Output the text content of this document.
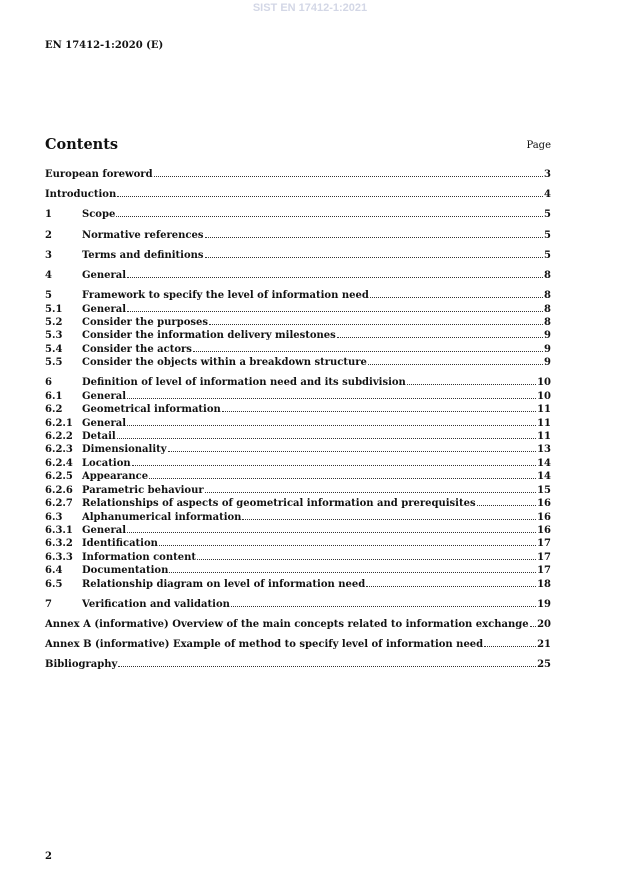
SIST EN 17412-1:2021
EN 17412-1:2020 (E)
Contents	Page
European foreword	3
Introduction	4
1	Scope	5
2	Normative references	5
3	Terms and definitions	5
4	General	8
5	Framework to specify the level of information need	8
5.1	General	8
5.2	Consider the purposes	8
5.3	Consider the information delivery milestones	9
5.4	Consider the actors	9
5.5	Consider the objects within a breakdown structure	9
6	Definition of level of information need and its subdivision	10
6.1	General	10
6.2	Geometrical information	11
6.2.1 General	11
6.2.2 Detail	11
6.2.3 Dimensionality	13
6.2.4 Location	14
6.2.5 Appearance	14
6.2.6 Parametric behaviour	15
6.2.7 Relationships of aspects of geometrical information and prerequisites	16
6.3	Alphanumerical information	16
6.3.1 General	16
6.3.2 Identification	17
6.3.3 Information content	17
6.4	Documentation	17
6.5	Relationship diagram on level of information need	18
7	Verification and validation	19
Annex A (informative) Overview of the main concepts related to information exchange 20
Annex B (informative) Example of method to specify level of information need	21
Bibliography	25
2
